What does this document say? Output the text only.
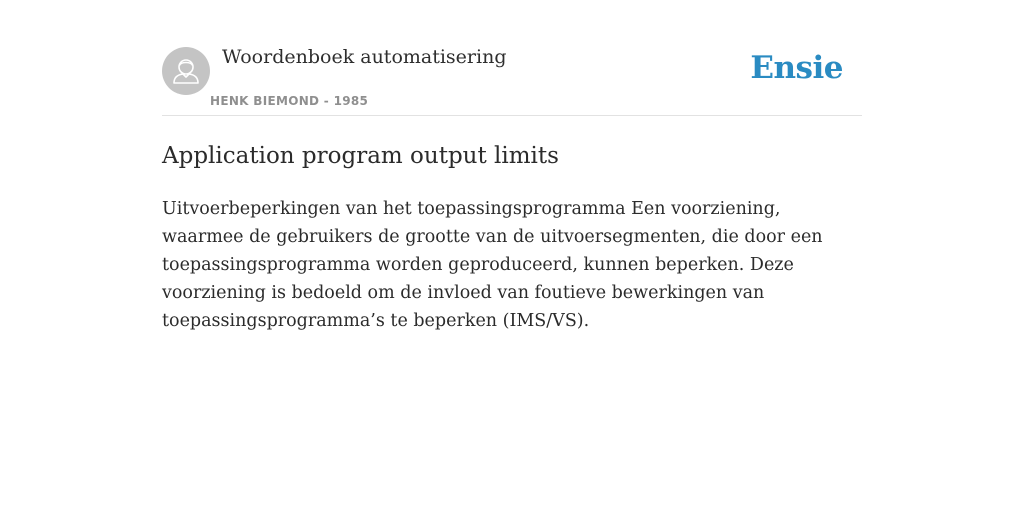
Woordenboek automatisering
HENK BIEMOND - 1985
Ensie
Application program output limits

Uitvoerbeperkingen van het toepassingsprogramma Een voorziening, waarmee de gebruikers de grootte van de uitvoersegmenten, die door een toepassingsprogramma worden geproduceerd, kunnen beperken. Deze voorziening is bedoeld om de invloed van foutieve bewerkingen van toepassingsprogramma’s te beperken (IMS/VS).
